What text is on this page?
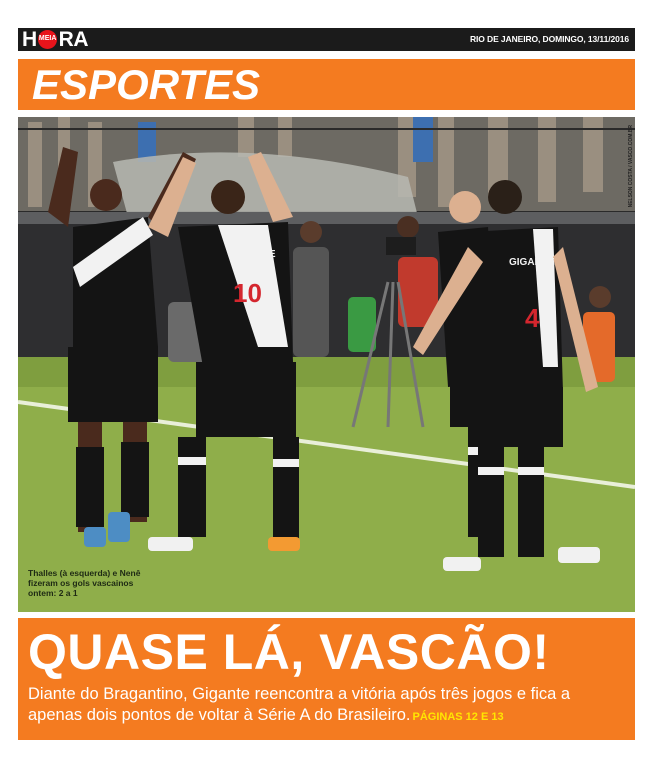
H MEIA RA	RIO DE JANEIRO, DOMINGO, 13/11/2016
ESPORTES
10
GIGANTE
4
GIGANTE
NELSON COSTA / VASCO.COM.BR
Thalles (à esquerda) e Nenê fizeram os gols vascainos ontem: 2 a 1
QUASE LÁ, VASCÃO!
Diante do Bragantino, Gigante reencontra a vitória após três jogos e fica a apenas dois pontos de voltar à Série A do Brasileiro. PÁGINAS 12 E 13
